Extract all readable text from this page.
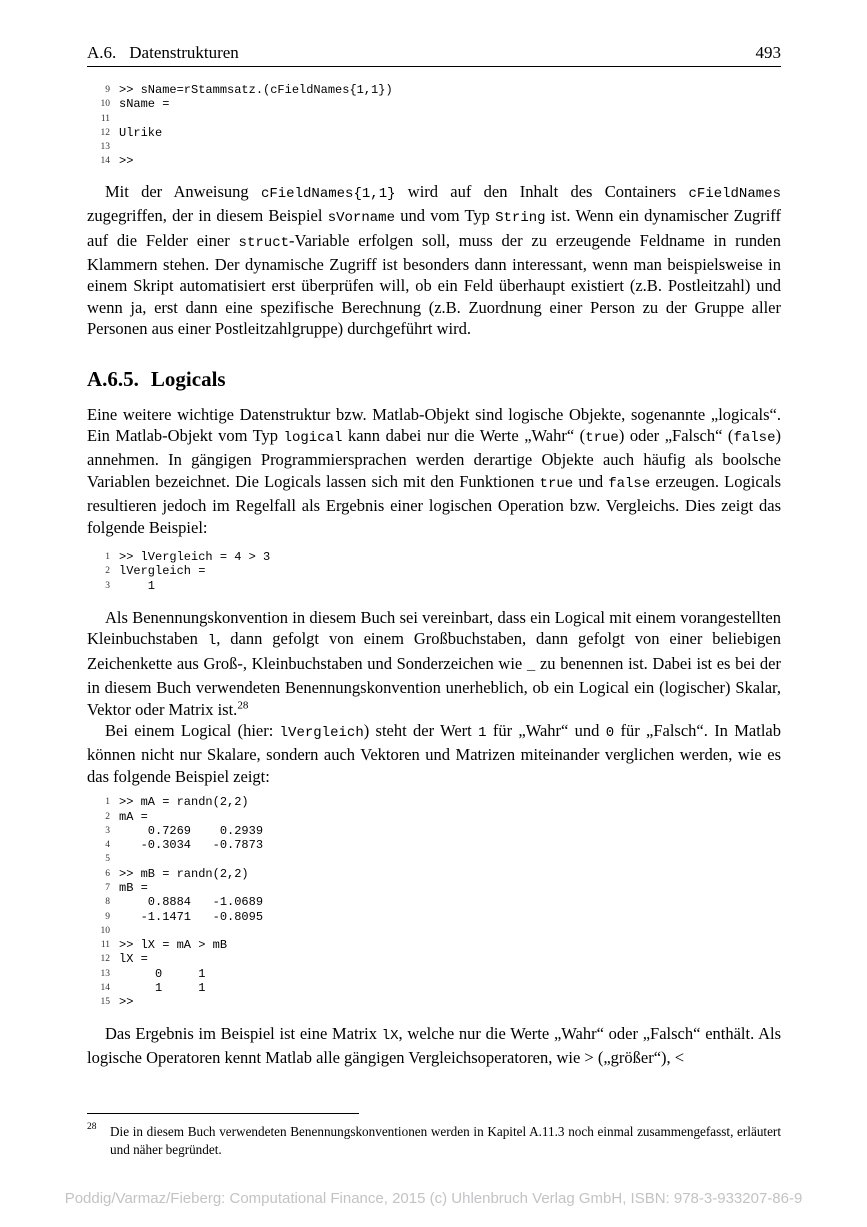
A.6. Datenstrukturen	493
9 >> sName=rStammsatz.(cFieldNames{1,1})
10 sName =
11
12 Ulrike
13
14 >>

Mit der Anweisung cFieldNames{1,1} wird auf den Inhalt des Containers cFieldNames zugegriffen, der in diesem Beispiel sVorname und vom Typ String ist. Wenn ein dynamischer Zugriff auf die Felder einer struct-Variable erfolgen soll, muss der zu erzeugende Feldname in runden Klammern stehen. Der dynamische Zugriff ist besonders dann interessant, wenn man beispielsweise in einem Skript automatisiert erst überprüfen will, ob ein Feld überhaupt existiert (z.B. Postleitzahl) und wenn ja, erst dann eine spezifische Berechnung (z.B. Zuordnung einer Person zu der Gruppe aller Personen aus einer Postleitzahlgruppe) durchgeführt wird.

A.6.5. Logicals

Eine weitere wichtige Datenstruktur bzw. Matlab-Objekt sind logische Objekte, sogenannte „logicals“. Ein Matlab-Objekt vom Typ logical kann dabei nur die Werte „Wahr“ (true) oder „Falsch“ (false) annehmen. In gängigen Programmiersprachen werden derartige Objekte auch häufig als boolsche Variablen bezeichnet. Die Logicals lassen sich mit den Funktionen true und false erzeugen. Logicals resultieren jedoch im Regelfall als Ergebnis einer logischen Operation bzw. Vergleichs. Dies zeigt das folgende Beispiel:

1 >> lVergleich = 4 > 3
2 lVergleich =
3 1

Als Benennungskonvention in diesem Buch sei vereinbart, dass ein Logical mit einem vorangestellten Kleinbuchstaben l, dann gefolgt von einem Großbuchstaben, dann gefolgt von einer beliebigen Zeichenkette aus Groß-, Kleinbuchstaben und Sonderzeichen wie _ zu benennen ist. Dabei ist es bei der in diesem Buch verwendeten Benennungskonvention unerheblich, ob ein Logical ein (logischer) Skalar, Vektor oder Matrix ist.$^{28}$

Bei einem Logical (hier: lVergleich) steht der Wert 1 für „Wahr“ und 0 für „Falsch“. In Matlab können nicht nur Skalare, sondern auch Vektoren und Matrizen miteinander verglichen werden, wie es das folgende Beispiel zeigt:

1 >> mA = randn(2,2)
2 mA =
3 0.7269    0.2939
4 -0.3034   -0.7873
5
6 >> mB = randn(2,2)
7 mB =
8 0.8884   -1.0689
9 -1.1471   -0.8095
10
11 >> lX = mA > mB
12 lX =
13 0     1
14 1     1
15 >>

Das Ergebnis im Beispiel ist eine Matrix lX, welche nur die Werte „Wahr“ oder „Falsch“ enthält. Als logische Operatoren kennt Matlab alle gängigen Vergleichsoperatoren, wie > („größer“), <

28	Die in diesem Buch verwendeten Benennungskonventionen werden in Kapitel A.11.3 noch einmal zusammengefasst, erläutert und näher begründet.
Poddig/Varmaz/Fieberg: Computational Finance, 2015 (c) Uhlenbruch Verlag GmbH, ISBN: 978-3-933207-86-9
